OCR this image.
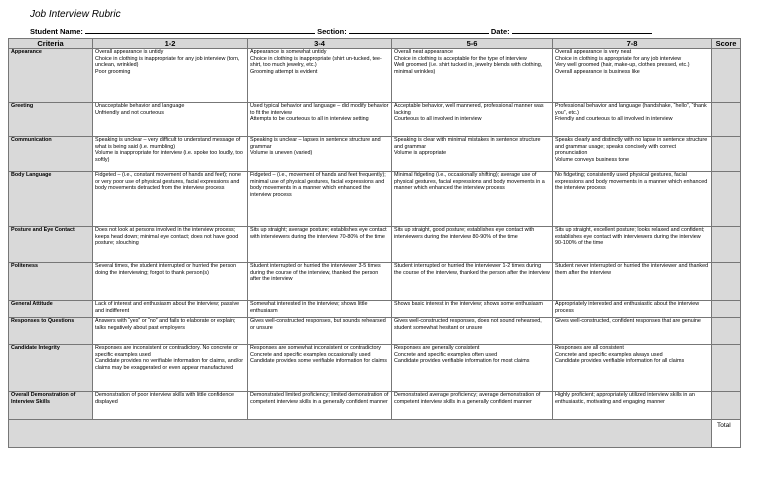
Job Interview Rubric
Student Name:	Section:	Date:
Criteria	1-2	3-4	5-6	7-8	Score
Appearance	Overall appearance is untidy
Choice in clothing is inappropriate for any job interview (torn, unclean, wrinkled)
Poor grooming	Appearance is somewhat untidy
Choice in clothing is inappropriate (shirt un-tucked, tee-shirt, too much jewelry, etc.)
Grooming attempt is evident	Overall neat appearance
Choice in clothing is acceptable for the type of interview
Well groomed (i.e. shirt tucked in, jewelry blends with clothing, minimal wrinkles)	Overall appearance is very neat
Choice in clothing is appropriate for any job interview
Very well groomed (hair, make-up, clothes pressed, etc.)
Overall appearance is business like	

Greeting	Unacceptable behavior and language
Unfriendly and not courteous	Used typical behavior and language – did modify behavior to fit the interview
Attempts to be courteous to all in interview setting	Acceptable behavior, well mannered, professional manner was lacking
Courteous to all involved in interview	Professional behavior and language (handshake, “hello”, “thank you”, etc.)
Friendly and courteous to all involved in interview	

Communication	Speaking is unclear – very difficult to understand message of what is being said (i.e. mumbling)
Volume is inappropriate for interview (i.e. spoke too loudly, too softly)	Speaking is unclear – lapses in sentence structure and grammar
Volume is uneven (varied)	Speaking is clear with minimal mistakes in sentence structure and grammar
Volume is appropriate	Speaks clearly and distinctly with no lapse in sentence structure and grammar usage; speaks concisely with correct pronunciation
Volume conveys business tone	

Body Language	Fidgeted – (i.e., constant movement of hands and feet); none or very poor use of physical gestures, facial expressions and body movements detracted from the interview process	Fidgeted – (i.e., movement of hands and feet frequently);
minimal use of physical gestures, facial expressions and body movements in a manner which enhanced the interview process	Minimal fidgeting (i.e., occasionally shifting); average use of physical gestures, facial expressions and body movements in a manner which enhanced the interview process	No fidgeting; consistently used physical gestures, facial expressions and body movements in a manner which enhanced the interview process	

Posture and Eye Contact	Does not look at persons involved in the interview process; keeps head down; minimal eye contact; does not have good posture; slouching	Sits up straight; average posture; establishes eye contact with interviewers during the interview 70-80% of the time	Sits up straight, good posture; establishes eye contact with interviewers during the interview 80-90% of the time	Sits up straight, excellent posture; looks relaxed and confident; establishes eye contact with interviewers during the interview 90-100% of the time	

Politeness	Several times, the student interrupted or hurried the person doing the interviewing; forgot to thank person(s)	Student interrupted or hurried the interviewer 3-5 times during the course of the interview, thanked the person after the interview	Student interrupted or hurried the interviewer 1-2 times during the course of the interview, thanked the person after the interview	Student never interrupted or hurried the interviewer and thanked them after the interview	

General Attitude	Lack of interest and enthusiasm about the interview; passive and indifferent	Somewhat interested in the interview; shows little enthusiasm	Shows basic interest in the interview; shows some enthusiasm	Appropriately interested and enthusiastic about the interview process	

Responses to Questions	Answers with “yes” or “no” and fails to elaborate or explain; talks negatively about past employers	Gives well-constructed responses, but sounds rehearsed or unsure	Gives well-constructed responses, does not sound rehearsed, student somewhat hesitant or unsure	Gives well-constructed, confident responses that are genuine	

Candidate Integrity	Responses are inconsistent or contradictory. No concrete or specific examples used
Candidate provides no verifiable information for claims, and/or claims may be exaggerated or even appear manufactured	Responses are somewhat inconsistent or contradictory
Concrete and specific examples occasionally used
Candidate provides some verifiable information for claims	Responses are generally consistent
Concrete and specific examples often used
Candidate provides verifiable information for most claims	Responses are all consistent
Concrete and specific examples always used
Candidate provides verifiable information for all claims	

Overall Demonstration of Interview Skills	Demonstration of poor interview skills with little confidence displayed	Demonstrated limited proficiency; limited demonstration of competent interview skills in a generally confident manner	Demonstrated average proficiency; average demonstration of competent interview skills in a generally confident manner	Highly proficient; appropriately utilized interview skills in an enthusiastic, motivating and engaging manner	

					Total
